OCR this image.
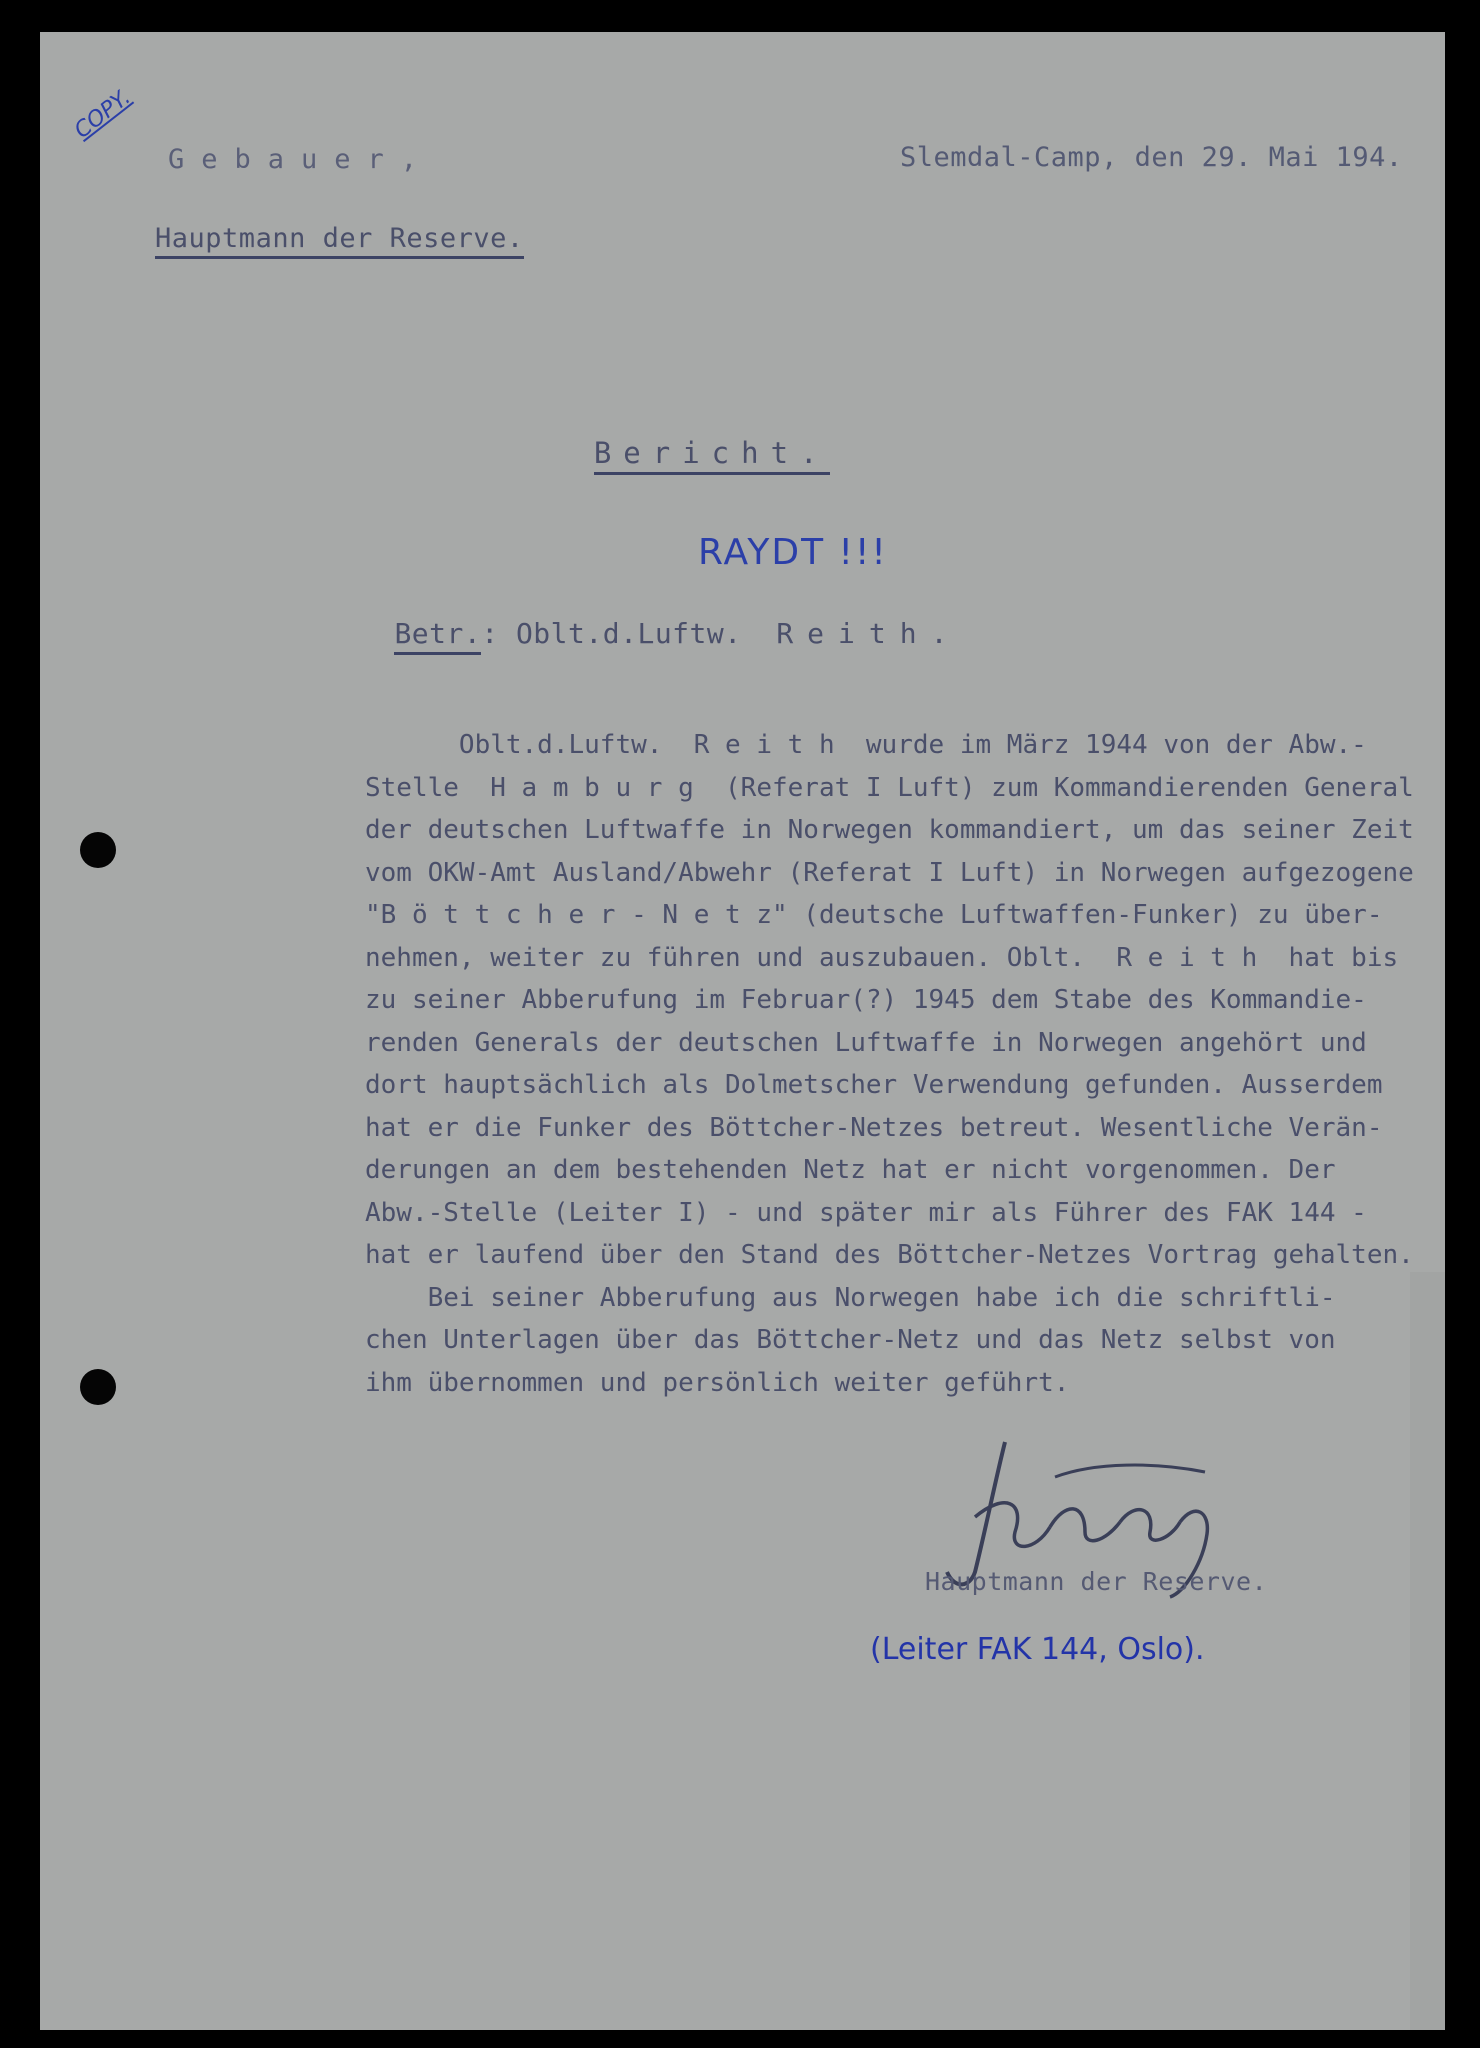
COPY.
Gebauer,

Hauptmann der Reserve.

Slemdal-Camp, den 29. Mai 194.

Bericht.

RAYDT !!!

Betr.: Oblt.d.Luftw. Reith.

Oblt.d.Luftw.  R e i t h  wurde im März 1944 von der Abw.-
Stelle  H a m b u r g  (Referat I Luft) zum Kommandierenden General
der deutschen Luftwaffe in Norwegen kommandiert, um das seiner Zeit
vom OKW-Amt Ausland/Abwehr (Referat I Luft) in Norwegen aufgezogene
"B ö t t c h e r - N e t z" (deutsche Luftwaffen-Funker) zu über-
nehmen, weiter zu führen und auszubauen. Oblt.  R e i t h  hat bis
zu seiner Abberufung im Februar(?) 1945 dem Stabe des Kommandie-
renden Generals der deutschen Luftwaffe in Norwegen angehört und
dort hauptsächlich als Dolmetscher Verwendung gefunden. Ausserdem
hat er die Funker des Böttcher-Netzes betreut. Wesentliche Verän-
derungen an dem bestehenden Netz hat er nicht vorgenommen. Der
Abw.-Stelle (Leiter I) - und später mir als Führer des FAK 144 -
hat er laufend über den Stand des Böttcher-Netzes Vortrag gehalten.
Bei seiner Abberufung aus Norwegen habe ich die schriftli-
chen Unterlagen über das Böttcher-Netz und das Netz selbst von
ihm übernommen und persönlich weiter geführt.
Hauptmann der Reserve.
(Leiter FAK 144, Oslo).
